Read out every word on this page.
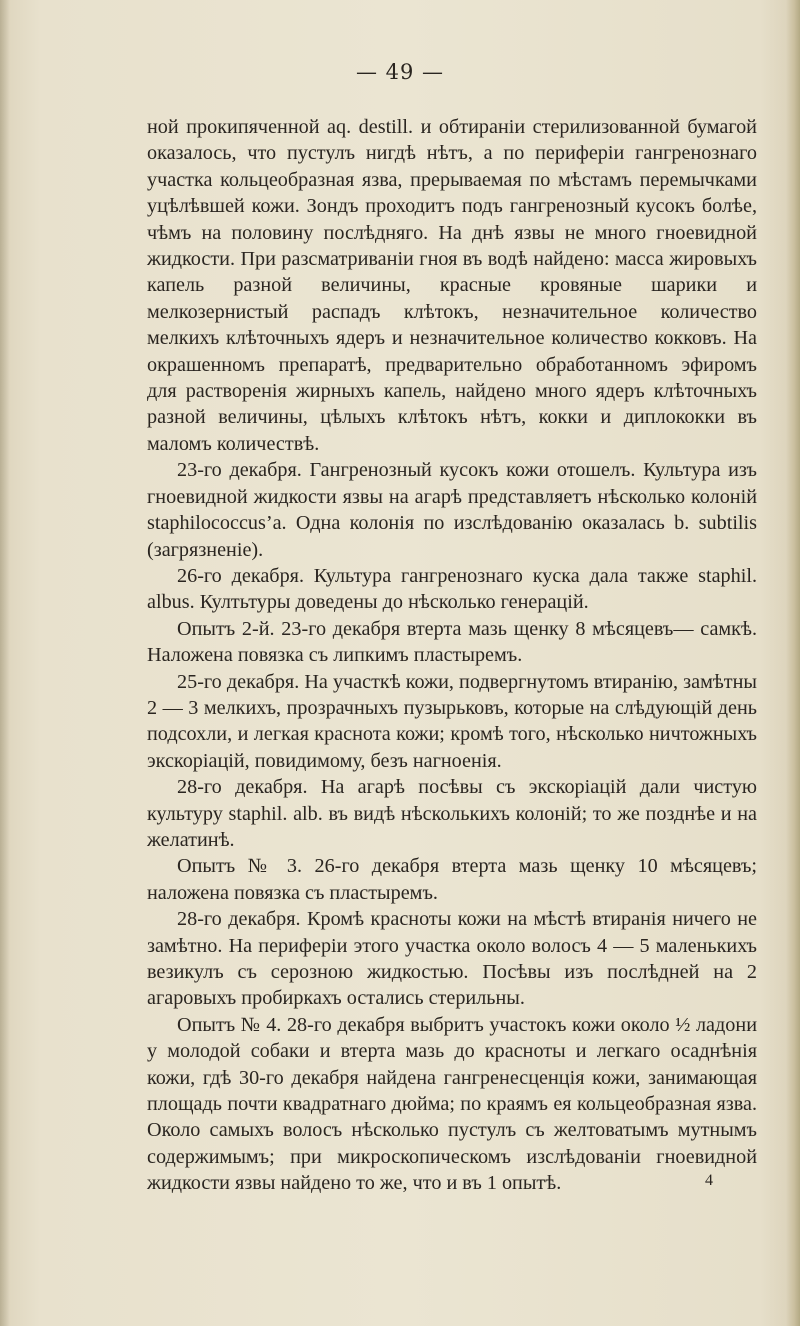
— 49 —

ной прокипяченной aq. destill. и обтираніи стерилизованной бумагой оказалось, что пустулъ нигдѣ нѣтъ, а по периферіи гангренознаго участка кольцеобразная язва, прерываемая по мѣстамъ перемычками уцѣлѣвшей кожи. Зондъ проходитъ подъ гангренозный кусокъ болѣе, чѣмъ на половину послѣдняго. На днѣ язвы не много гноевидной жидкости. При разсматриваніи гноя въ водѣ найдено: масса жировыхъ капель разной величины, красные кровяные шарики и мелкозернистый распадъ клѣтокъ, незначительное количество мелкихъ клѣточныхъ ядеръ и незначительное количество кокковъ. На окрашенномъ препаратѣ, предварительно обработанномъ эфиромъ для раствоpенія жирныхъ капель, найдено много ядеръ клѣточныхъ разной величины, цѣлыхъ клѣтокъ нѣтъ, кокки и диплококки въ маломъ количествѣ.

23-го декабря. Гангренозный кусокъ кожи отошелъ. Культура изъ гноевидной жидкости язвы на агарѣ представляетъ нѣсколько колоній staphilococcus’а. Одна колонія по изслѣдованію оказалась b. subtilis (загрязненіе).

26-го декабря. Культура гангренознаго куска дала также staphil. albus. Култьтуры доведены до нѣсколько генерацій.

Опытъ 2-й. 23-го декабря втерта мазь щенку 8 мѣсяцевъ— самкѣ. Наложена повязка съ липкимъ пластыремъ.

25-го декабря. На участкѣ кожи, подвергнутомъ втиранію, замѣтны 2 — 3 мелкихъ, прозрачныхъ пузырьковъ, которые на слѣдующій день подсохли, и легкая краснота кожи; кромѣ того, нѣсколько ничтожныхъ экскоріацій, повидимому, безъ нагноенія.

28-го декабря. На агарѣ посѣвы съ экскоріацій дали чистую культуру staphil. alb. въ видѣ нѣсколькихъ колоній; то же позднѣе и на желатинѣ.

Опытъ № 3. 26-го декабря втерта мазь щенку 10 мѣсяцевъ; наложена повязка съ пластыремъ.

28-го декабря. Кромѣ красноты кожи на мѣстѣ втиранія ничего не замѣтно. На периферіи этого участка около волосъ 4 — 5 маленькихъ везикулъ съ серозною жидкостью. Посѣвы изъ послѣдней на 2 агаровыхъ пробиркахъ остались стерильны.

Опытъ № 4. 28-го декабря выбритъ участокъ кожи около ½ ладони у молодой собаки и втерта мазь до красноты и легкаго осаднѣнія кожи, гдѣ 30-го декабря найдена гангренесценція кожи, занимающая площадь почти квадратнаго дюйма; по краямъ ея кольцеобразная язва. Около самыхъ волосъ нѣсколько пустулъ съ желтоватымъ мутнымъ содержимымъ; при микроскопическомъ изслѣдованіи гноевидной жидкости язвы найдено то же, что и въ 1 опытѣ.	4
